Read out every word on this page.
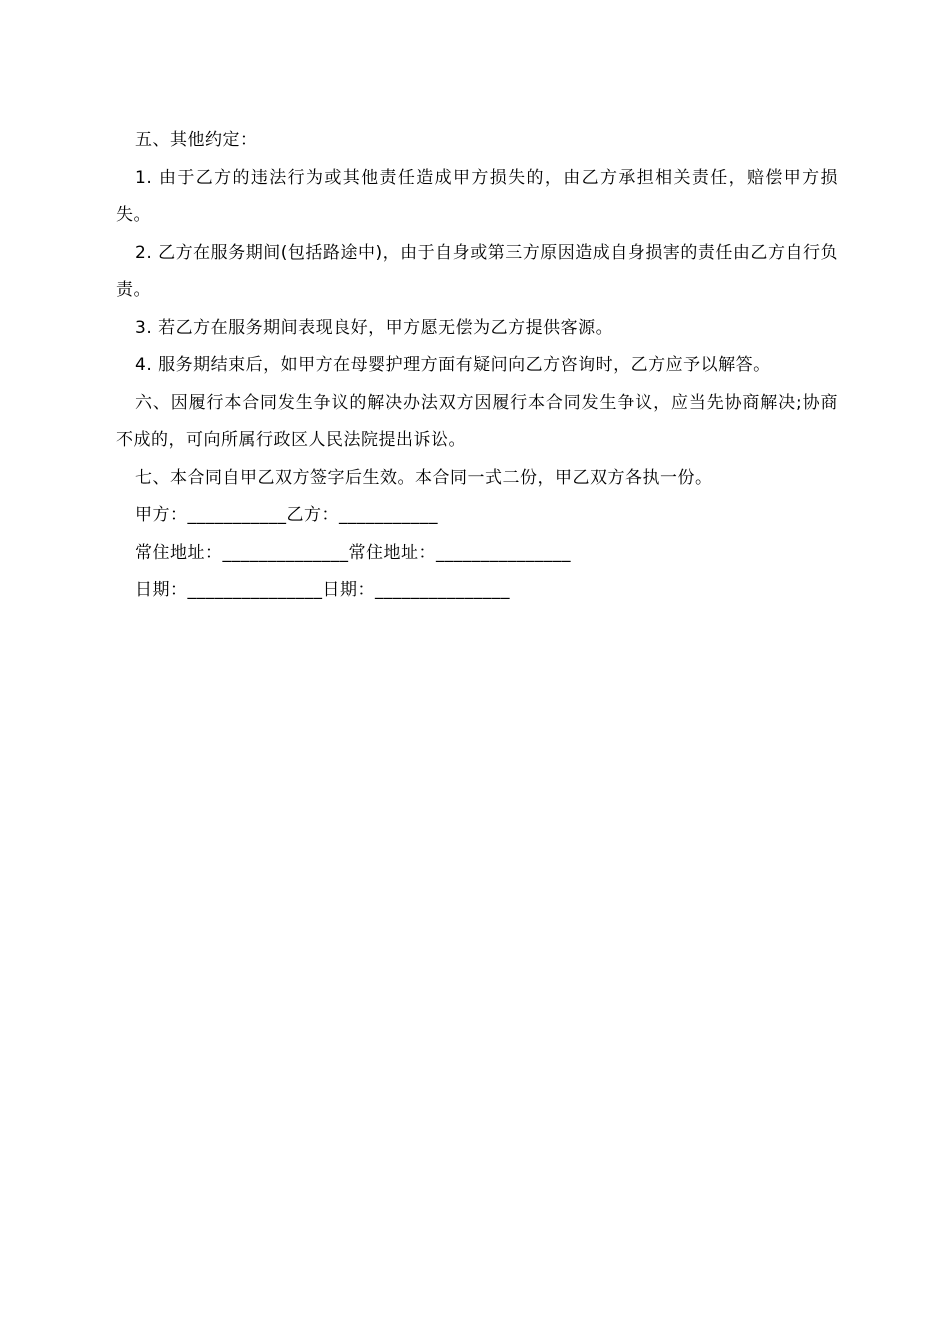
五、其他约定：

1. 由于乙方的违法行为或其他责任造成甲方损失的，由乙方承担相关责任，赔偿甲方损失。

2. 乙方在服务期间(包括路途中)，由于自身或第三方原因造成自身损害的责任由乙方自行负责。

3. 若乙方在服务期间表现良好，甲方愿无偿为乙方提供客源。

4. 服务期结束后，如甲方在母婴护理方面有疑问向乙方咨询时，乙方应予以解答。

六、因履行本合同发生争议的解决办法双方因履行本合同发生争议，应当先协商解决;协商不成的，可向所属行政区人民法院提出诉讼。

七、本合同自甲乙双方签字后生效。本合同一式二份，甲乙双方各执一份。

甲方：___________乙方：___________

常住地址：______________常住地址：_______________

日期：_______________日期：_______________
